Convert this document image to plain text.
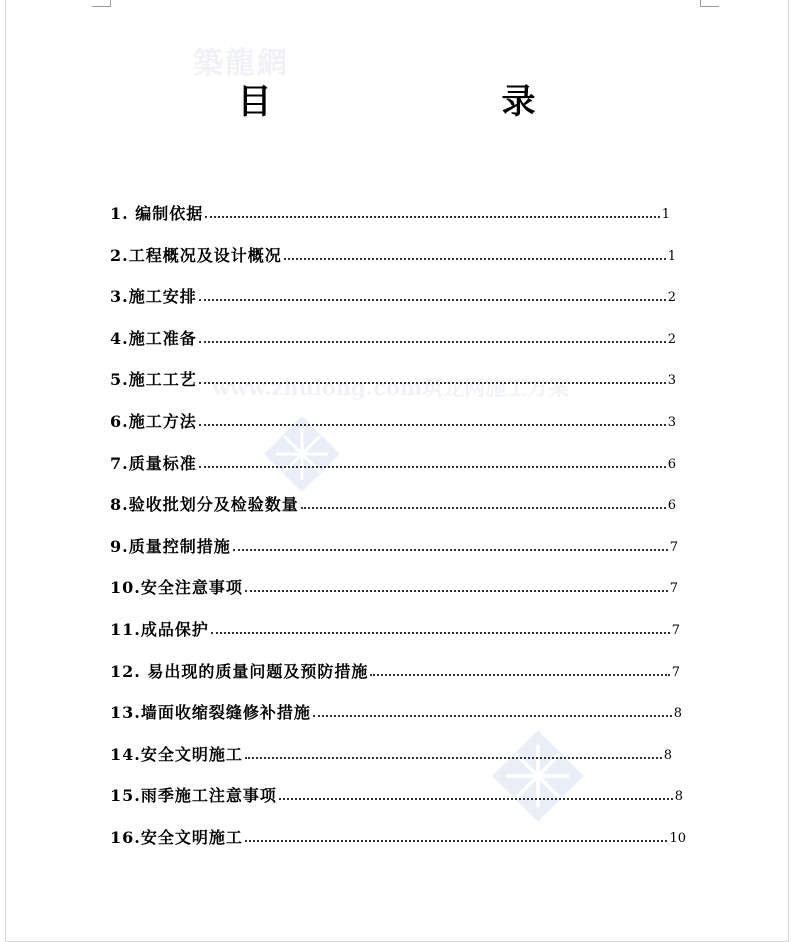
築龍網
www.zhulong.com筑龙网施工方案
目　　录
1. 编制依据	1
2.工程概况及设计概况	1
3.施工安排	2
4.施工准备	2
5.施工工艺	3
6.施工方法	3
7.质量标准	6
8.验收批划分及检验数量	6
9.质量控制措施	7
10.安全注意事项	7
11.成品保护	7
12. 易出现的质量问题及预防措施	7
13.墙面收缩裂缝修补措施	8
14.安全文明施工	8
15.雨季施工注意事项	8
16.安全文明施工	10
